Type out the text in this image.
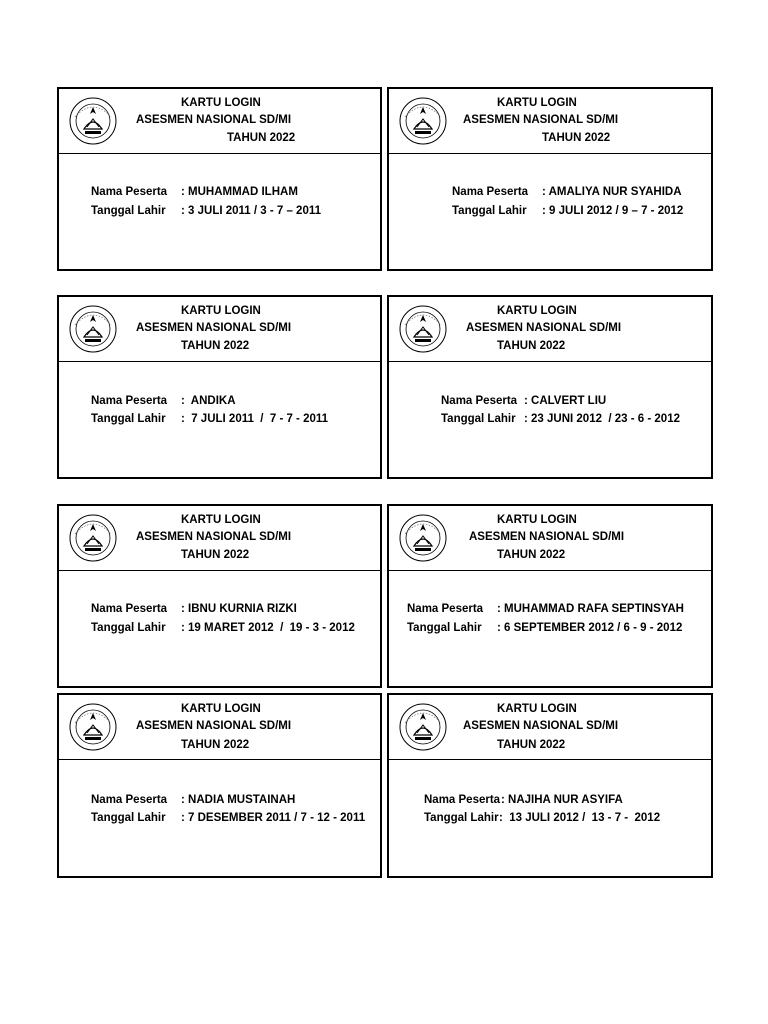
KARTU LOGIN
ASESMEN NASIONAL SD/MI
TAHUN 2022
Nama Peserta : MUHAMMAD ILHAM
Tanggal Lahir : 3 JULI 2011 / 3 - 7 – 2011
KARTU LOGIN
ASESMEN NASIONAL SD/MI
TAHUN 2022
Nama Peserta : AMALIYA NUR SYAHIDA
Tanggal Lahir : 9 JULI 2012 / 9 – 7 - 2012
KARTU LOGIN
ASESMEN NASIONAL SD/MI
TAHUN 2022
Nama Peserta :  ANDIKA
Tanggal Lahir :  7 JULI 2011  /  7 - 7 - 2011
KARTU LOGIN
ASESMEN NASIONAL SD/MI
TAHUN 2022
Nama Peserta : CALVERT LIU
Tanggal Lahir : 23 JUNI 2012  / 23 - 6 - 2012
KARTU LOGIN
ASESMEN NASIONAL SD/MI
TAHUN 2022
Nama Peserta : IBNU KURNIA RIZKI
Tanggal Lahir : 19 MARET 2012  /  19 - 3 - 2012
KARTU LOGIN
ASESMEN NASIONAL SD/MI
TAHUN 2022
Nama Peserta : MUHAMMAD RAFA SEPTINSYAH
Tanggal Lahir : 6 SEPTEMBER 2012 / 6 - 9 - 2012
KARTU LOGIN
ASESMEN NASIONAL SD/MI
TAHUN 2022
Nama Peserta : NADIA MUSTAINAH
Tanggal Lahir : 7 DESEMBER 2011 / 7 - 12 - 2011
KARTU LOGIN
ASESMEN NASIONAL SD/MI
TAHUN 2022
Nama Peserta : NAJIHA NUR ASYIFA
Tanggal Lahir :  13 JULI 2012 /  13 - 7 -  2012
